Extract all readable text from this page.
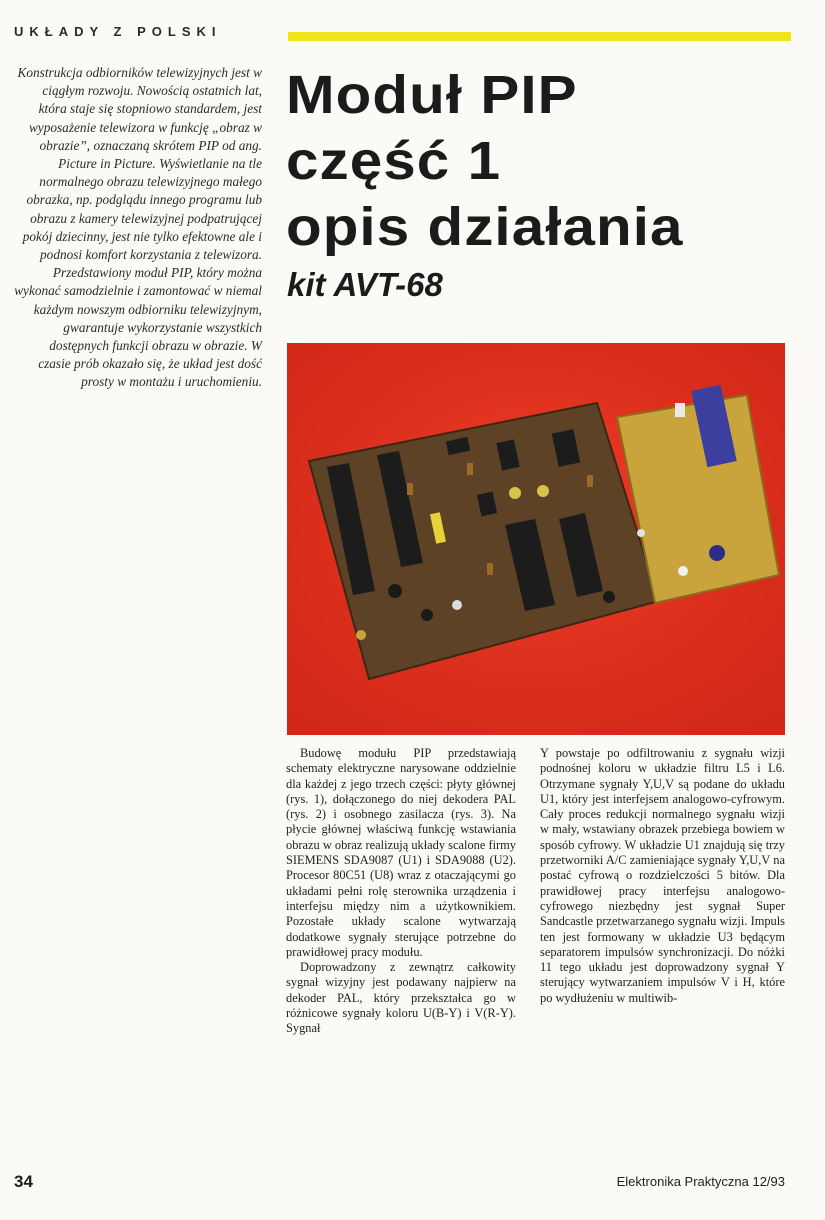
UKŁADY Z POLSKI
Konstrukcja odbiorników telewizyjnych jest w ciągłym rozwoju. Nowością ostatnich lat, która staje się stopniowo standardem, jest wyposażenie telewizora w funkcję „obraz w obrazie”, oznaczaną skrótem PIP od ang. Picture in Picture. Wyświetlanie na tle normalnego obrazu telewizyjnego małego obrazka, np. podglądu innego programu lub obrazu z kamery telewizyjnej podpatrującej pokój dziecinny, jest nie tylko efektowne ale i podnosi komfort korzystania z telewizora. Przedstawiony moduł PIP, który można wykonać samodzielnie i zamontować w niemal każdym nowszym odbiorniku telewizyjnym, gwarantuje wykorzystanie wszystkich dostępnych funkcji obrazu w obrazie. W czasie prób okazało się, że układ jest dość prosty w montażu i uruchomieniu.
Moduł PIP
część 1
opis działania
kit AVT-68

Budowę modułu PIP przedstawiają schematy elektryczne narysowane oddzielnie dla każdej z jego trzech części: płyty głównej (rys. 1), dołączonego do niej dekodera PAL (rys. 2) i osobnego zasilacza (rys. 3). Na płycie głównej właściwą funkcję wstawiania obrazu w obraz realizują układy scalone firmy SIEMENS SDA9087 (U1) i SDA9088 (U2). Procesor 80C51 (U8) wraz z otaczającymi go układami pełni rolę sterownika urządzenia i interfejsu między nim a użytkownikiem. Pozostałe układy scalone wytwarzają dodatkowe sygnały sterujące potrzebne do prawidłowej pracy modułu.

Doprowadzony z zewnątrz całkowity sygnał wizyjny jest podawany najpierw na dekoder PAL, który przekształca go w różnicowe sygnały koloru U(B-Y) i V(R-Y). Sygnał

Y powstaje po odfiltrowaniu z sygnału wizji podnośnej koloru w układzie filtru L5 i L6. Otrzymane sygnały Y,U,V są podane do układu U1, który jest interfejsem analogowo-cyfrowym. Cały proces redukcji normalnego sygnału wizji w mały, wstawiany obrazek przebiega bowiem w sposób cyfrowy. W układzie U1 znajdują się trzy przetworniki A/C zamieniające sygnały Y,U,V na postać cyfrową o rozdzielczości 5 bitów. Dla prawidłowej pracy interfejsu analogowo-cyfrowego niezbędny jest sygnał Super Sandcastle przetwarzanego sygnału wizji. Impuls ten jest formowany w układzie U3 będącym separatorem impulsów synchronizacji. Do nóżki 11 tego układu jest doprowadzony sygnał Y sterujący wytwarzaniem impulsów V i H, które po wydłużeniu w multiwib-

34	Elektronika Praktyczna 12/93
